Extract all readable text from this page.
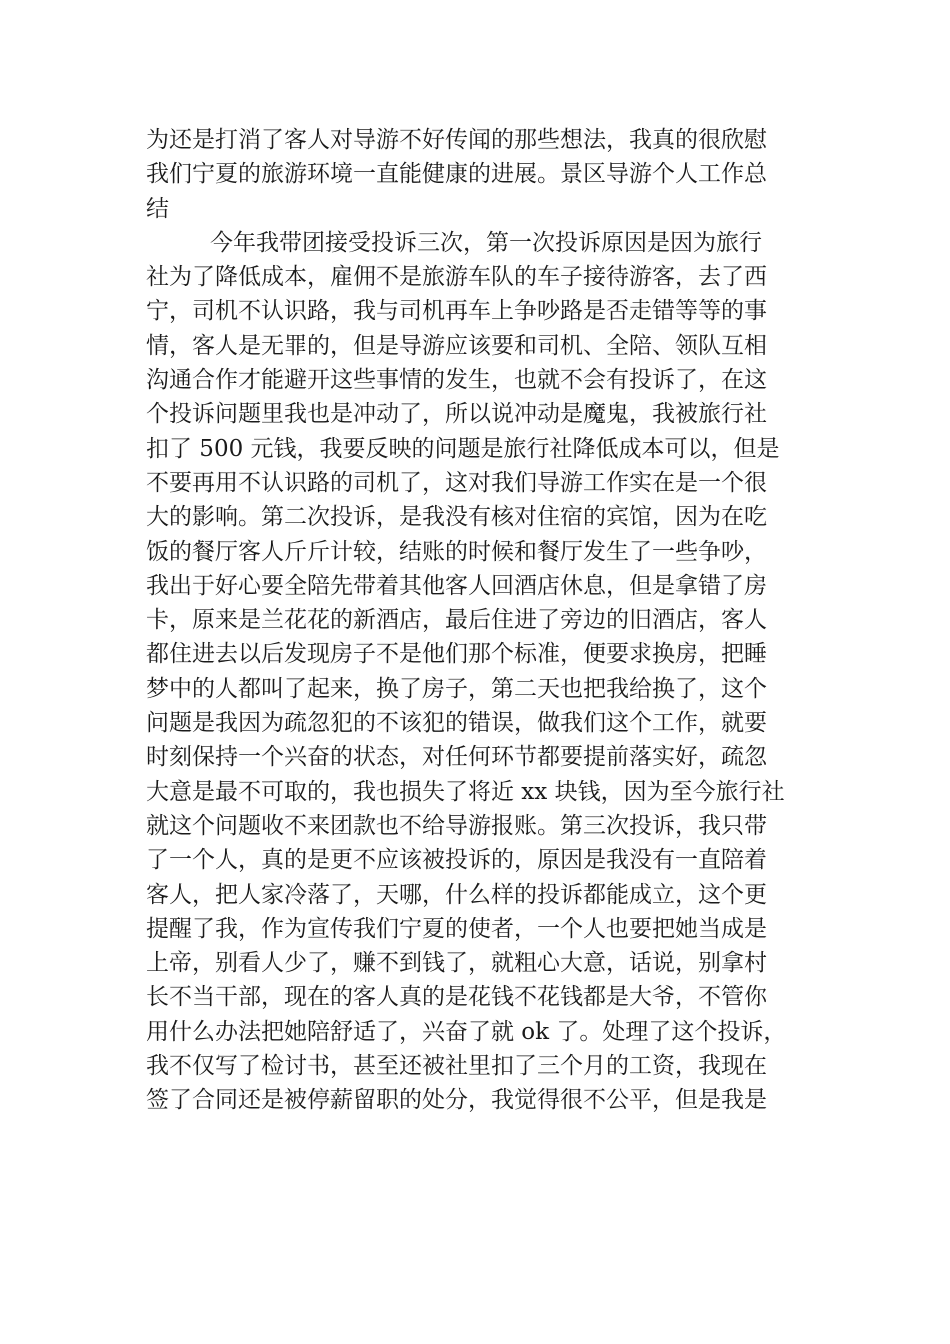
为还是打消了客人对导游不好传闻的那些想法，我真的很欣慰
我们宁夏的旅游环境一直能健康的进展。景区导游个人工作总
结
今年我带团接受投诉三次，第一次投诉原因是因为旅行
社为了降低成本，雇佣不是旅游车队的车子接待游客，去了西
宁，司机不认识路，我与司机再车上争吵路是否走错等等的事
情，客人是无罪的，但是导游应该要和司机、全陪、领队互相
沟通合作才能避开这些事情的发生，也就不会有投诉了，在这
个投诉问题里我也是冲动了，所以说冲动是魔鬼，我被旅行社
扣了 500 元钱，我要反映的问题是旅行社降低成本可以，但是
不要再用不认识路的司机了，这对我们导游工作实在是一个很
大的影响。第二次投诉，是我没有核对住宿的宾馆，因为在吃
饭的餐厅客人斤斤计较，结账的时候和餐厅发生了一些争吵，
我出于好心要全陪先带着其他客人回酒店休息，但是拿错了房
卡，原来是兰花花的新酒店，最后住进了旁边的旧酒店，客人
都住进去以后发现房子不是他们那个标准，便要求换房，把睡
梦中的人都叫了起来，换了房子，第二天也把我给换了，这个
问题是我因为疏忽犯的不该犯的错误，做我们这个工作，就要
时刻保持一个兴奋的状态，对任何环节都要提前落实好，疏忽
大意是最不可取的，我也损失了将近 xx 块钱，因为至今旅行社
就这个问题收不来团款也不给导游报账。第三次投诉，我只带
了一个人，真的是更不应该被投诉的，原因是我没有一直陪着
客人，把人家冷落了，天哪，什么样的投诉都能成立，这个更
提醒了我，作为宣传我们宁夏的使者，一个人也要把她当成是
上帝，别看人少了，赚不到钱了，就粗心大意，话说，别拿村
长不当干部，现在的客人真的是花钱不花钱都是大爷，不管你
用什么办法把她陪舒适了，兴奋了就 ok 了。处理了这个投诉，
我不仅写了检讨书，甚至还被社里扣了三个月的工资，我现在
签了合同还是被停薪留职的处分，我觉得很不公平，但是我是
